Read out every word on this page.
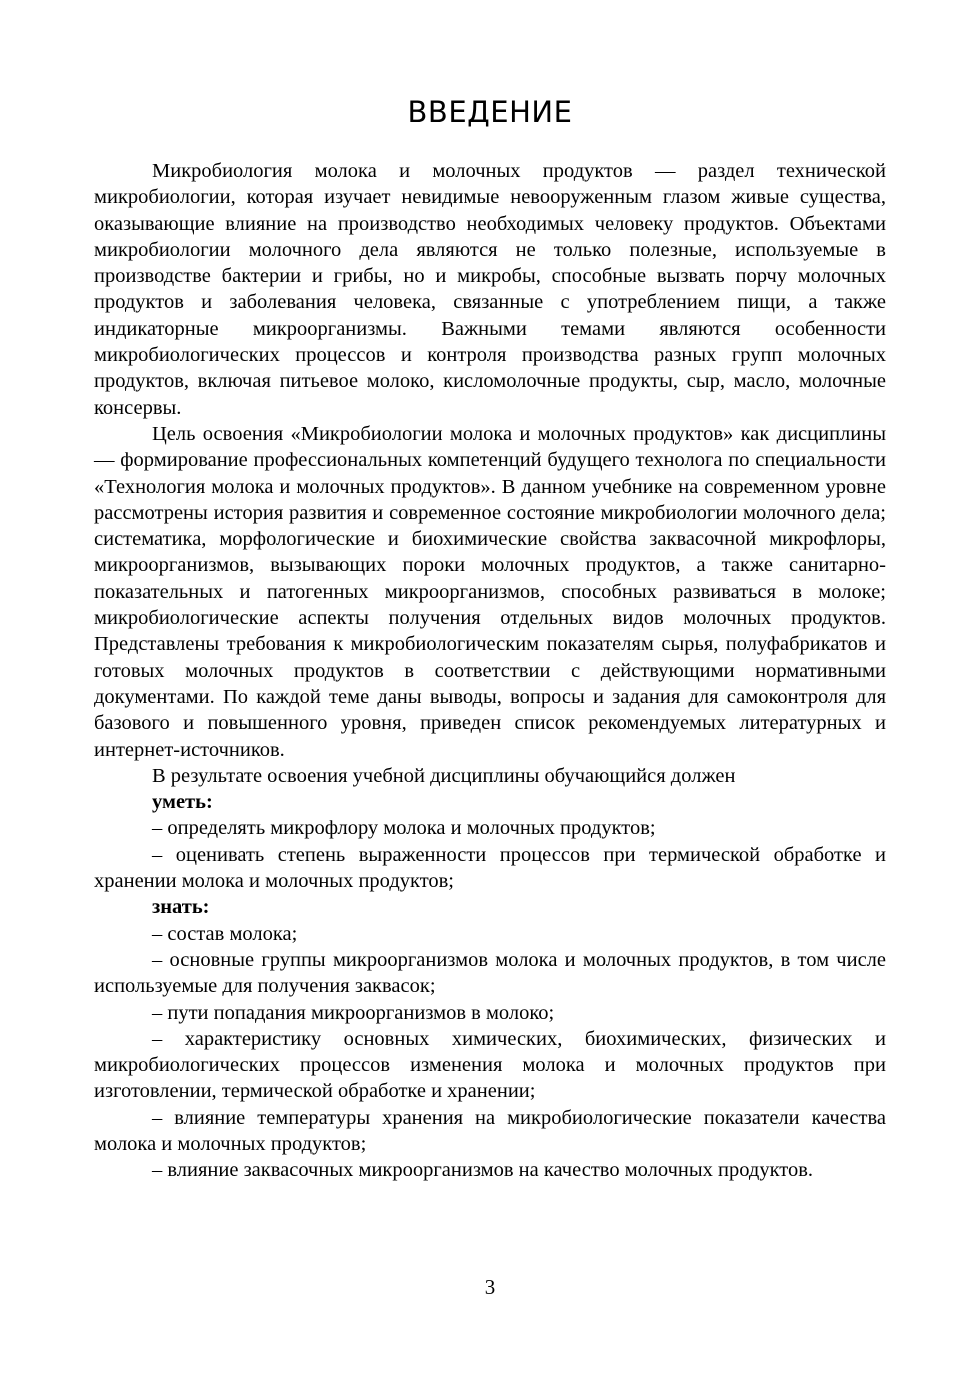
ВВЕДЕНИЕ

Микробиология молока и молочных продуктов — раздел технической микробиологии, которая изучает невидимые невооруженным глазом живые существа, оказывающие влияние на производство необходимых человеку продуктов. Объектами микробиологии молочного дела являются не только полезные, используемые в производстве бактерии и грибы, но и микробы, способные вызвать порчу молочных продуктов и заболевания человека, связанные с употреблением пищи, а также индикаторные микроорганизмы. Важными темами являются особенности микробиологических процессов и контроля производства разных групп молочных продуктов, включая питьевое молоко, кисломолочные продукты, сыр, масло, молочные консервы.

Цель освоения «Микробиологии молока и молочных продуктов» как дисциплины — формирование профессиональных компетенций будущего технолога по специальности «Технология молока и молочных продуктов». В данном учебнике на современном уровне рассмотрены история развития и современное состояние микробиологии молочного дела; систематика, морфологические и биохимические свойства заквасочной микрофлоры, микроорганизмов, вызывающих пороки молочных продуктов, а также санитарно-показательных и патогенных микроорганизмов, способных развиваться в молоке; микробиологические аспекты получения отдельных видов молочных продуктов. Представлены требования к микробиологическим показателям сырья, полуфабрикатов и готовых молочных продуктов в соответствии с действующими нормативными документами. По каждой теме даны выводы, вопросы и задания для самоконтроля для базового и повышенного уровня, приведен список рекомендуемых литературных и интернет-источников.

В результате освоения учебной дисциплины обучающийся должен

уметь:

– определять микрофлору молока и молочных продуктов;

– оценивать степень выраженности процессов при термической обработке и хранении молока и молочных продуктов;

знать:

– состав молока;

– основные группы микроорганизмов молока и молочных продуктов, в том числе используемые для получения заквасок;

– пути попадания микроорганизмов в молоко;

– характеристику основных химических, биохимических, физических и микробиологических процессов изменения молока и молочных продуктов при изготовлении, термической обработке и хранении;

– влияние температуры хранения на микробиологические показатели качества молока и молочных продуктов;

– влияние заквасочных микроорганизмов на качество молочных продуктов.

3
